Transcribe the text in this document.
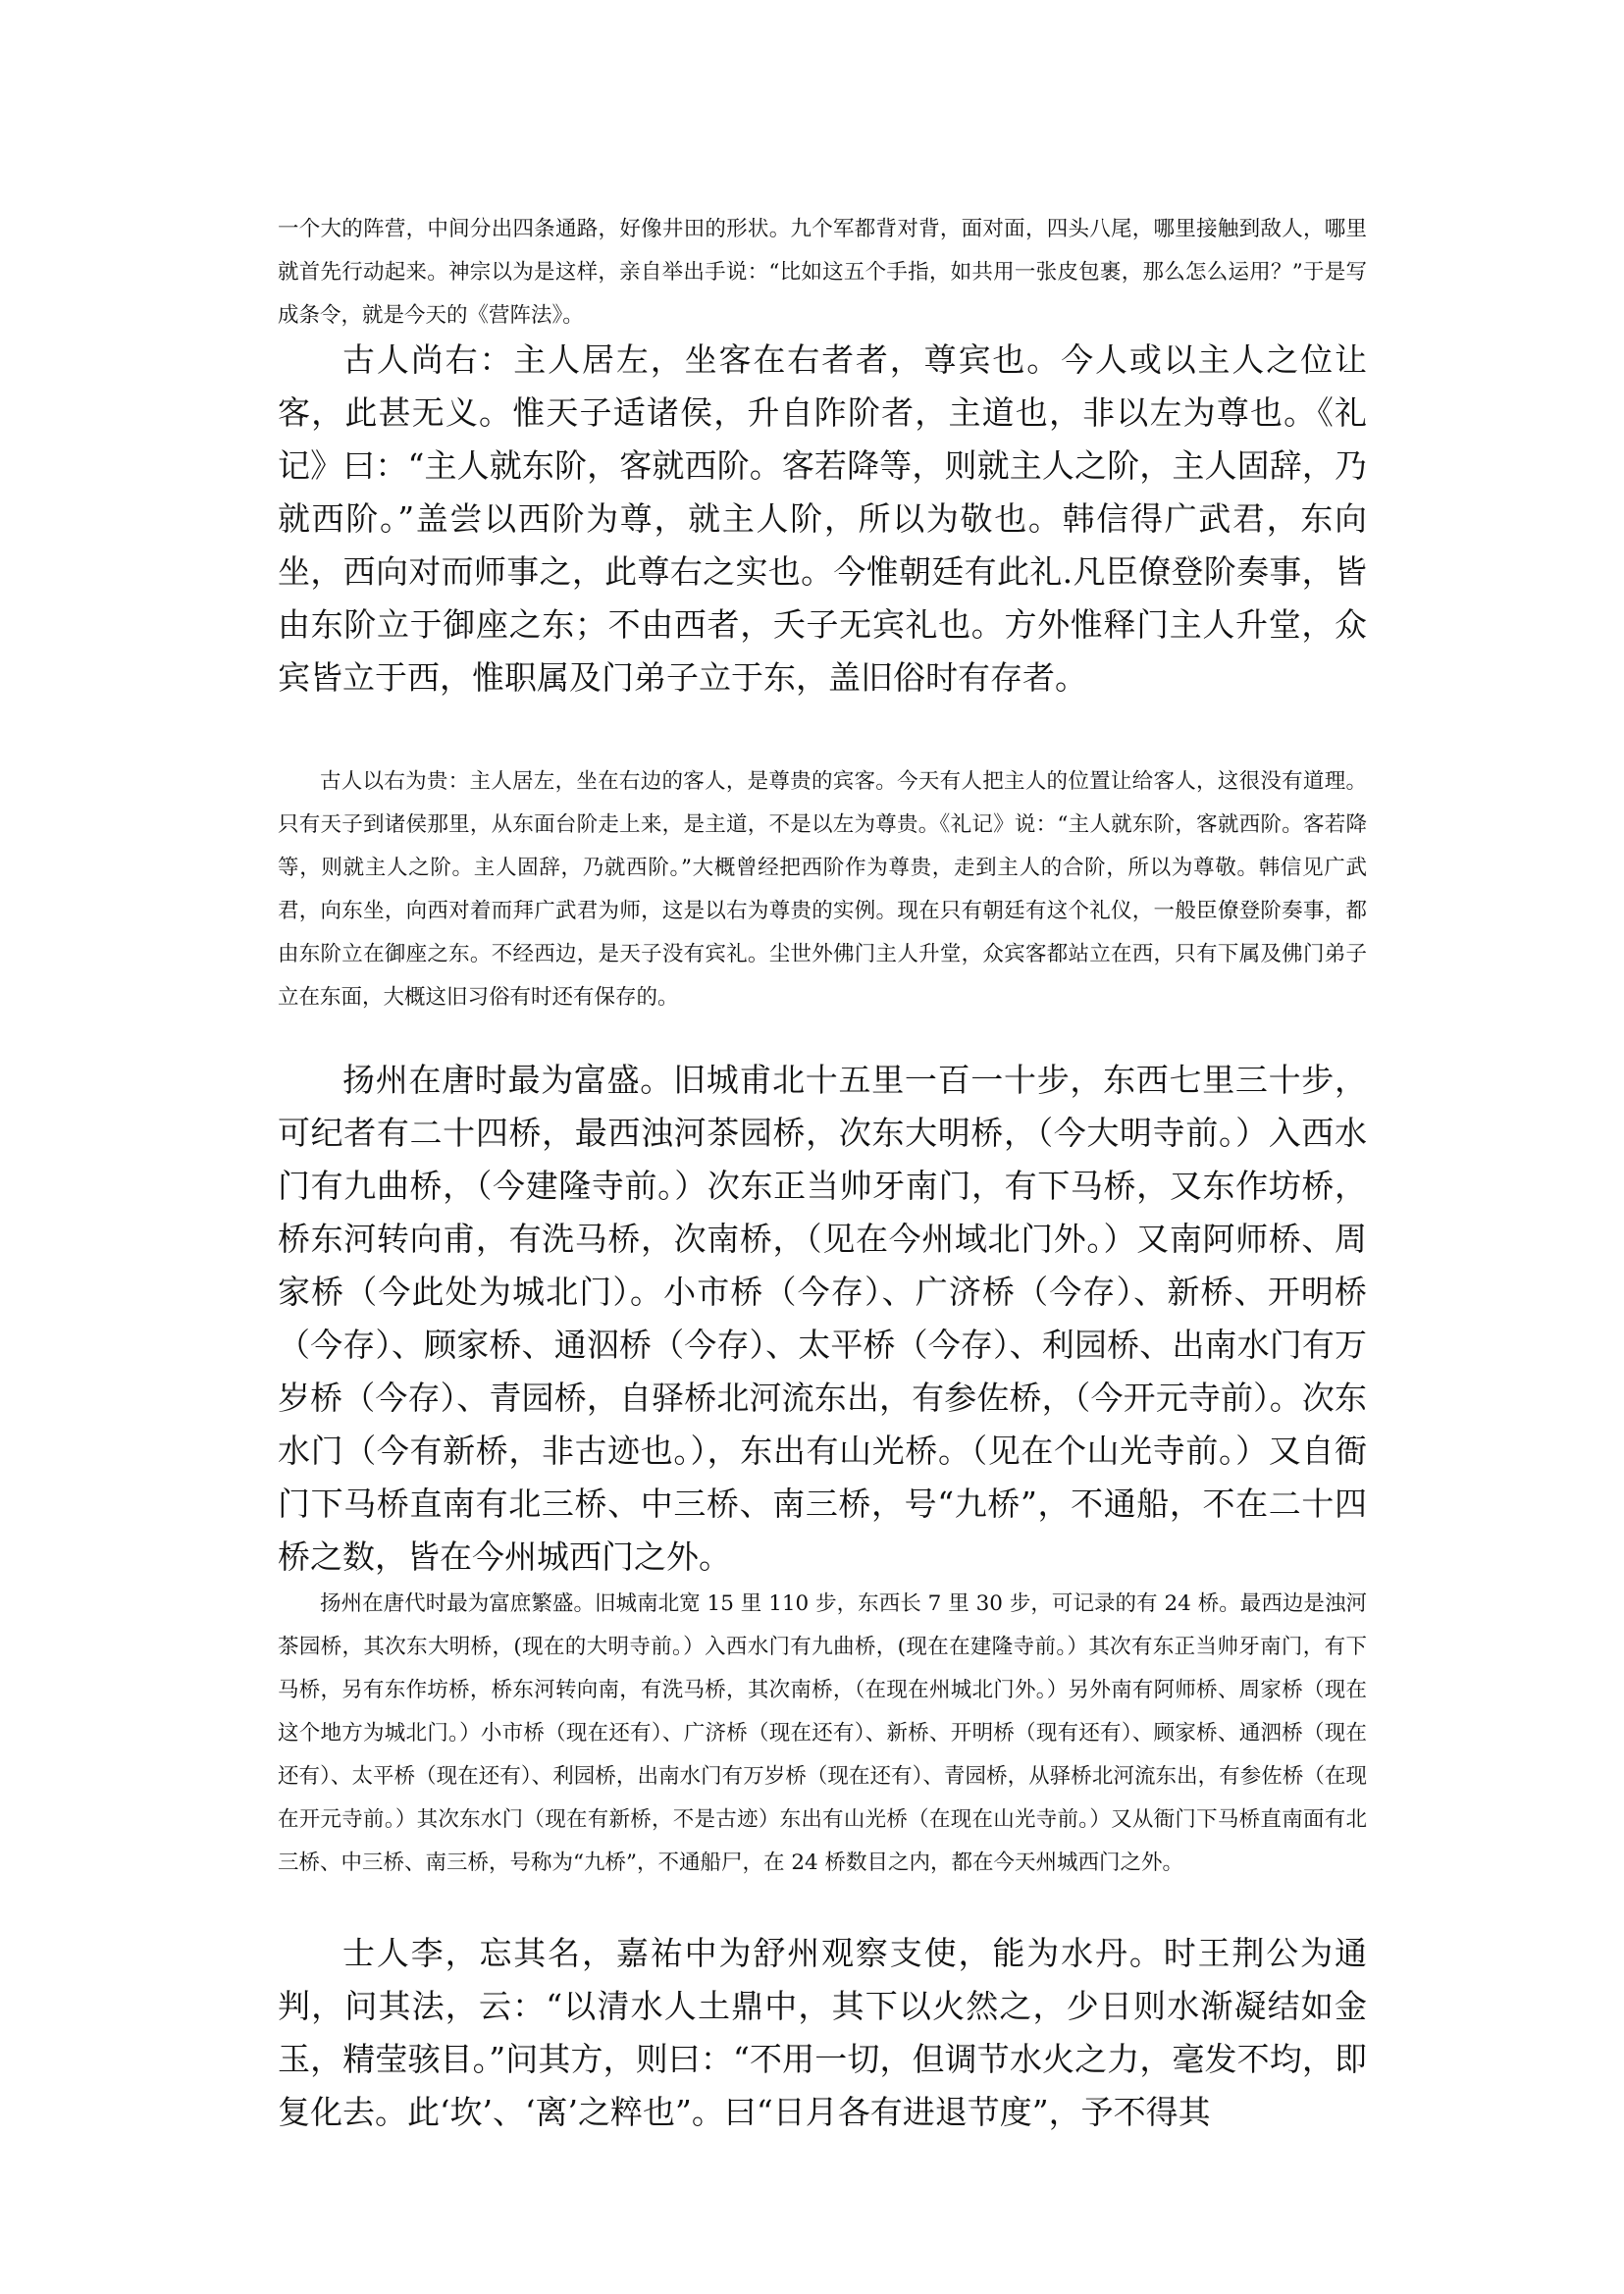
一个大的阵营，中间分出四条通路，好像井田的形状。九个军都背对背，面对面，四头八尾，哪里接触到敌人，哪里就首先行动起来。神宗以为是这样，亲自举出手说：“比如这五个手指，如共用一张皮包裹，那么怎么运用？”于是写成条令，就是今天的《营阵法》。

古人尚右：主人居左，坐客在右者者，尊宾也。今人或以主人之位让客，此甚无义。惟天子适诸侯，升自阼阶者，主道也，非以左为尊也。《礼记》曰：“主人就东阶，客就西阶。客若降等，则就主人之阶，主人固辞，乃就西阶。”盖尝以西阶为尊，就主人阶，所以为敬也。韩信得广武君，东向坐，西向对而师事之，此尊右之实也。今惟朝廷有此礼.凡臣僚登阶奏事，皆由东阶立于御座之东；不由西者，夭子无宾礼也。方外惟释门主人升堂，众宾皆立于西，惟职属及门弟子立于东，盖旧俗时有存者。

古人以右为贵：主人居左，坐在右边的客人，是尊贵的宾客。今天有人把主人的位置让给客人，这很没有道理。只有天子到诸侯那里，从东面台阶走上来，是主道，不是以左为尊贵。《礼记》说：“主人就东阶，客就西阶。客若降等，则就主人之阶。主人固辞，乃就西阶。”大概曾经把西阶作为尊贵，走到主人的合阶，所以为尊敬。韩信见广武君，向东坐，向西对着而拜广武君为师，这是以右为尊贵的实例。现在只有朝廷有这个礼仪，一般臣僚登阶奏事，都由东阶立在御座之东。不经西边，是天子没有宾礼。尘世外佛门主人升堂，众宾客都站立在西，只有下属及佛门弟子立在东面，大概这旧习俗有时还有保存的。

扬州在唐时最为富盛。旧城甫北十五里一百一十步，东西七里三十步，可纪者有二十四桥，最西浊河茶园桥，次东大明桥，（今大明寺前。）入西水门有九曲桥，（今建隆寺前。）次东正当帅牙南门，有下马桥，又东作坊桥，桥东河转向甫，有洗马桥，次南桥，（见在今州域北门外。）又南阿师桥、周家桥（今此处为城北门）。小市桥（今存）、广济桥（今存）、新桥、开明桥（今存）、顾家桥、通泅桥（今存）、太平桥（今存）、利园桥、出南水门有万岁桥（今存）、青园桥，自驿桥北河流东出，有参佐桥，（今开元寺前）。次东水门（今有新桥，非古迹也。），东出有山光桥。（见在个山光寺前。）又自衙门下马桥直南有北三桥、中三桥、南三桥，号“九桥”，不通船，不在二十四桥之数，皆在今州城西门之外。

扬州在唐代时最为富庶繁盛。旧城南北宽 15 里 110 步，东西长 7 里 30 步，可记录的有 24 桥。最西边是浊河茶园桥，其次东大明桥，(现在的大明寺前。）入西水门有九曲桥，(现在在建隆寺前。）其次有东正当帅牙南门，有下马桥，另有东作坊桥，桥东河转向南，有洗马桥，其次南桥，（在现在州城北门外。）另外南有阿师桥、周家桥（现在这个地方为城北门。）小市桥（现在还有）、广济桥（现在还有）、新桥、开明桥（现有还有）、顾家桥、通泗桥（现在还有）、太平桥（现在还有）、利园桥，出南水门有万岁桥（现在还有）、青园桥，从驿桥北河流东出，有参佐桥（在现在开元寺前。）其次东水门（现在有新桥，不是古迹）东出有山光桥（在现在山光寺前。）又从衙门下马桥直南面有北三桥、中三桥、南三桥，号称为“九桥”，不通船尸，在 24 桥数目之内，都在今天州城西门之外。

士人李，忘其名，嘉祐中为舒州观察支使，能为水丹。时王荆公为通判，问其法，云：“以清水人土鼎中，其下以火然之，少日则水渐凝结如金玉，精莹骇目。”问其方，则曰：“不用一切，但调节水火之力，毫发不均，即复化去。此‘坎’、‘离’之粹也”。曰“日月各有进退节度”，予不得其
